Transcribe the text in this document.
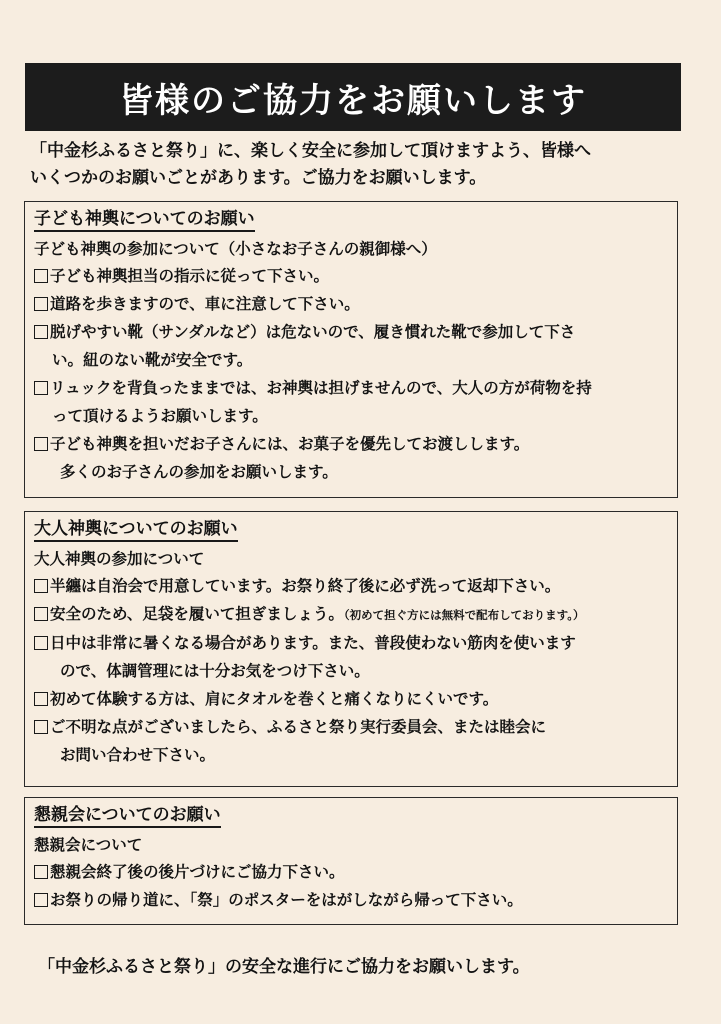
皆様のご協力をお願いします

「中金杉ふるさと祭り」に、楽しく安全に参加して頂けますよう、皆様へ

いくつかのお願いごとがあります。ご協力をお願いします。

子ども神輿についてのお願い
子ども神輿の参加について（小さなお子さんの親御様へ）
子ども神輿担当の指示に従って下さい。
道路を歩きますので、車に注意して下さい。
脱げやすい靴（サンダルなど）は危ないので、履き慣れた靴で参加して下さ
い。紐のない靴が安全です。
リュックを背負ったままでは、お神輿は担げませんので、大人の方が荷物を持
って頂けるようお願いします。
子ども神輿を担いだお子さんには、お菓子を優先してお渡しします。
多くのお子さんの参加をお願いします。
大人神輿についてのお願い
大人神輿の参加について
半纏は自治会で用意しています。お祭り終了後に必ず洗って返却下さい。
安全のため、足袋を履いて担ぎましょう。（初めて担ぐ方には無料で配布しております。）
日中は非常に暑くなる場合があります。また、普段使わない筋肉を使います
ので、体調管理には十分お気をつけ下さい。
初めて体験する方は、肩にタオルを巻くと痛くなりにくいです。
ご不明な点がございましたら、ふるさと祭り実行委員会、または睦会に
お問い合わせ下さい。
懇親会についてのお願い
懇親会について
懇親会終了後の後片づけにご協力下さい。
お祭りの帰り道に、「祭」のポスターをはがしながら帰って下さい。
「中金杉ふるさと祭り」の安全な進行にご協力をお願いします。
